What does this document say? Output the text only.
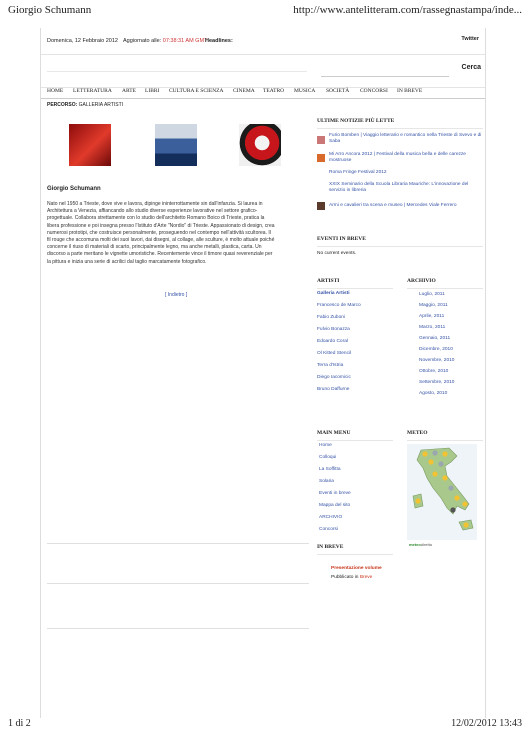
Giorgio Schumann	http://www.antelitteram.com/rassegnastampa/inde...
Domenica, 12 Febbraio 2012 Aggiornato alle: 07:38:31 AM GMT
Headlines:	Twitter
Cerca
HOME LETTERATURA ARTE LIBRI CULTURA E SCIENZA CINEMA TEATRO MUSICA SOCIETÀ CONCORSI IN BREVE
PERCORSO: GALLERIA ARTISTI
Giorgio Schumann
Nato nel 1950 a Trieste, dove vive e lavora, dipinge ininterrottamente sin dall'infanzia. Si laurea in
Architettura a Venezia, affiancando allo studio diverse esperienze lavorative nel settore grafico-
progettuale. Collabora strettamente con lo studio dell'architetto Romano Boico di Trieste, pratica la
libera professione e poi insegna presso l'Istituto d'Arte "Nordio" di Trieste. Appassionato di design, crea
numerosi prototipi, che costruisce personalmente, proseguendo nel contempo nell'attività scultorea. Il
fil rouge che accomuna molti dei suoi lavori, dai disegni, al collage, alle sculture, è molto attuale poiché
concerne il riuso di materiali di scarto, principalmente legno, ma anche metalli, plastica, carta. Un
discorso a parte meritano le vignette umoristiche. Recentemente vince il timore quasi reverenziale per
la pittura e inizia una serie di acrilici dal taglio marcatamente fotografico.
[ Indietro ]
ULTIME NOTIZIE PIÙ LETTE
Furio Bomben | Viaggio letterario e romantico nella Trieste di Svevo e di Saba
Mi Arro Ancora 2012 | Festival della musica bella e delle carezze mostruose
Roma Fringe Festival 2012
XXIX Seminario della Scuola Libraria Mauriche: L'innovazione del servizio in libreria
Armi e cavalieri tra scena e museo | Mercedes Viale Ferrero
EVENTI IN BREVE
No current events.
ARTISTI
Galleria Artisti
Francesco de Marco
Fabio Zuboni
Fulvio Bonazza
Edoardo Coral
Ol Kitted Stencil
Terra d'Istria
Diego Iacomicic
Bruno Daffurne
ARCHIVIO
Luglio, 2011
Maggio, 2011
Aprile, 2011
Marzo, 2011
Gennaio, 2011
Dicembre, 2010
Novembre, 2010
Ottobre, 2010
Settembre, 2010
Agosto, 2010
MAIN MENU
Home
Colloqui
La Soffitta
Solaria
Eventi in breve
Mappa del sito
ARCHIVIO
Concorsi
METEO
meteodiretta
IN BREVE
Presentazione volume
Pubblicato in Breve
1 di 2	12/02/2012 13:43
